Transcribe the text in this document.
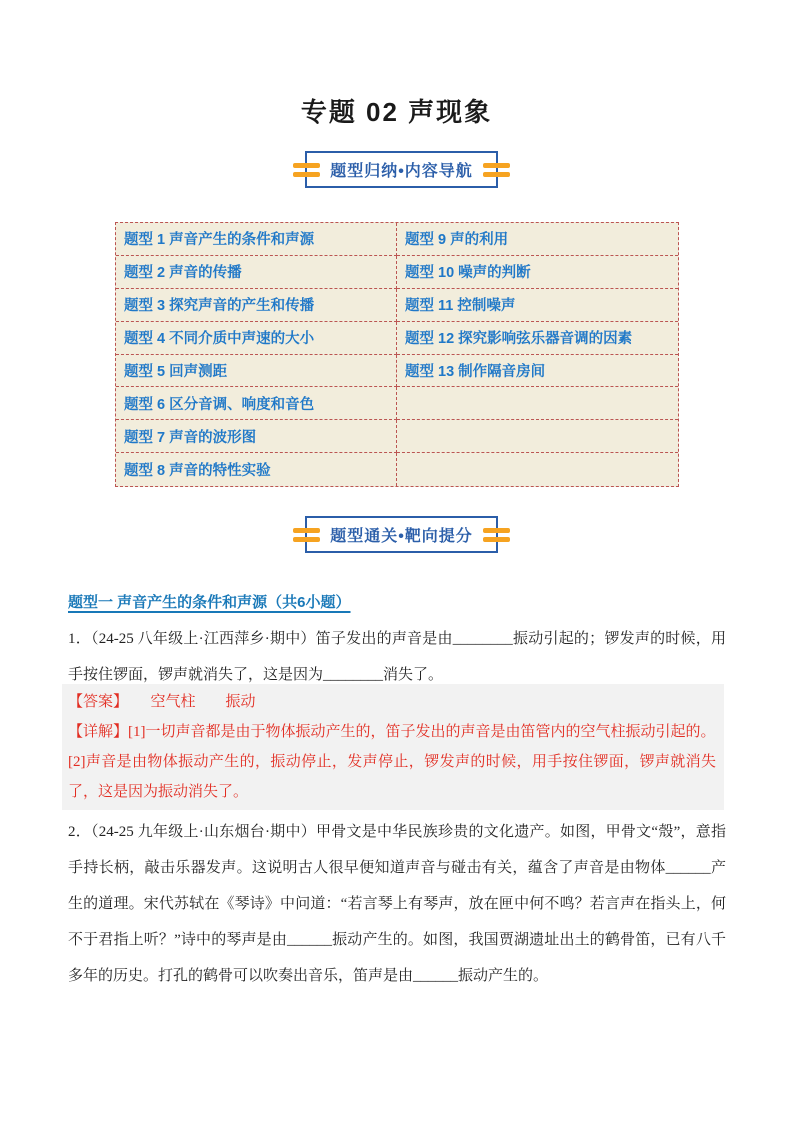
专题 02 声现象
题型归纳•内容导航
题型 1 声音产生的条件和声源
题型 2 声音的传播
题型 3 探究声音的产生和传播
题型 4 不同介质中声速的大小
题型 5 回声测距
题型 6 区分音调、响度和音色
题型 7 声音的波形图
题型 8 声音的特性实验
题型 9 声的利用
题型 10 噪声的判断
题型 11 控制噪声
题型 12 探究影响弦乐器音调的因素
题型 13 制作隔音房间
题型通关•靶向提分
题型一 声音产生的条件和声源（共6小题）

1．（24-25 八年级上·江西萍乡·期中）笛子发出的声音是由________振动引起的；锣发声的时候，用手按住锣面，锣声就消失了，这是因为________消失了。

【答案】　　空气柱　　振动

【详解】[1]一切声音都是由于物体振动产生的，笛子发出的声音是由笛管内的空气柱振动引起的。

[2]声音是由物体振动产生的，振动停止，发声停止，锣发声的时候，用手按住锣面，锣声就消失了，这是因为振动消失了。

2．（24-25 九年级上·山东烟台·期中）甲骨文是中华民族珍贵的文化遗产。如图，甲骨文“殼”，意指手持长柄，敲击乐器发声。这说明古人很早便知道声音与碰击有关，蕴含了声音是由物体______产生的道理。宋代苏轼在《琴诗》中问道：“若言琴上有琴声，放在匣中何不鸣？若言声在指头上，何不于君指上听？”诗中的琴声是由______振动产生的。如图，我国贾湖遗址出土的鹤骨笛，已有八千多年的历史。打孔的鹤骨可以吹奏出音乐，笛声是由______振动产生的。
